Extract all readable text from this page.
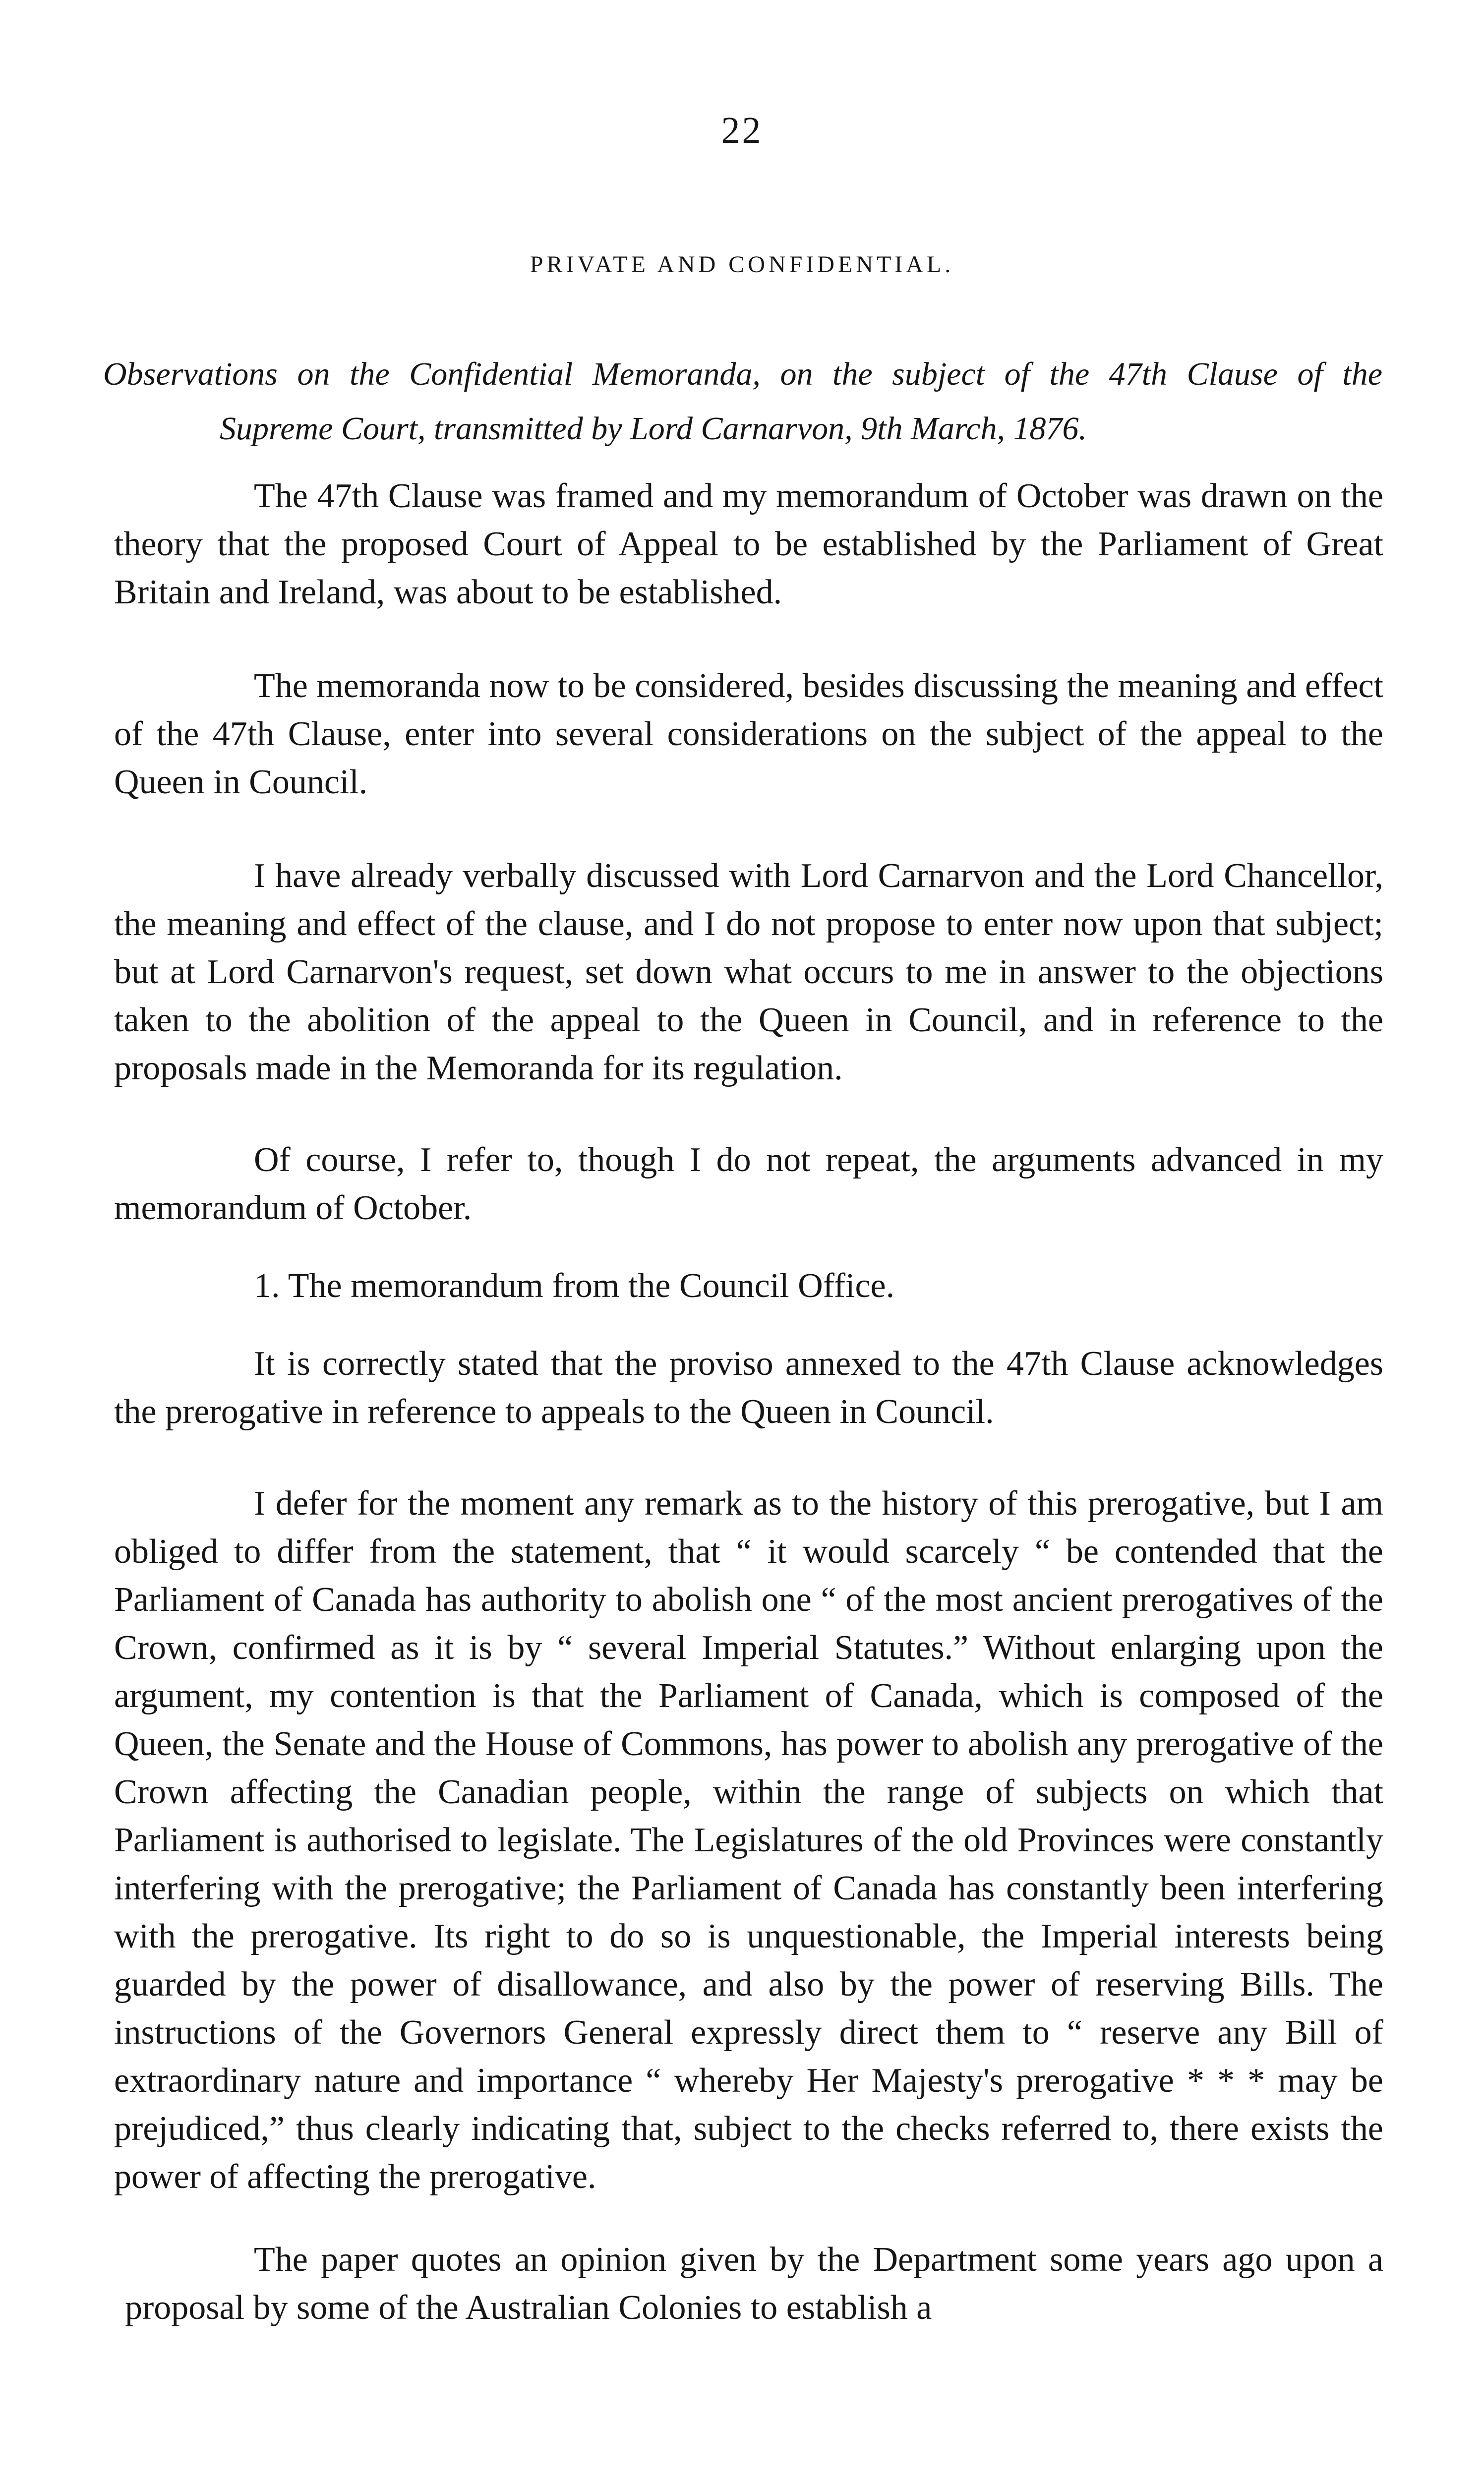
22
PRIVATE AND CONFIDENTIAL.
Observations on the Confidential Memoranda, on the subject of the 47th Clause of the
Supreme Court, transmitted by Lord Carnarvon, 9th March, 1876.

The 47th Clause was framed and my memorandum of October was drawn on the theory that the proposed Court of Appeal to be established by the Parliament of Great Britain and Ireland, was about to be established.

The memoranda now to be considered, besides discussing the meaning and effect of the 47th Clause, enter into several considerations on the subject of the appeal to the Queen in Council.

I have already verbally discussed with Lord Carnarvon and the Lord Chancellor, the meaning and effect of the clause, and I do not propose to enter now upon that subject; but at Lord Carnarvon's request, set down what occurs to me in answer to the objections taken to the abolition of the appeal to the Queen in Council, and in reference to the proposals made in the Memoranda for its regulation.

Of course, I refer to, though I do not repeat, the arguments advanced in my memorandum of October.

1. The memorandum from the Council Office.

It is correctly stated that the proviso annexed to the 47th Clause acknowledges the prerogative in reference to appeals to the Queen in Council.

I defer for the moment any remark as to the history of this prerogative, but I am obliged to differ from the statement, that “ it would scarcely “ be contended that the Parliament of Canada has authority to abolish one “ of the most ancient prerogatives of the Crown, confirmed as it is by “ several Imperial Statutes.” Without enlarging upon the argument, my contention is that the Parliament of Canada, which is composed of the Queen, the Senate and the House of Commons, has power to abolish any prerogative of the Crown affecting the Canadian people, within the range of subjects on which that Parliament is authorised to legislate. The Legislatures of the old Provinces were constantly interfering with the prerogative; the Parliament of Canada has constantly been interfering with the prerogative. Its right to do so is unquestionable, the Imperial interests being guarded by the power of disallowance, and also by the power of reserving Bills. The instructions of the Governors General expressly direct them to “ reserve any Bill of extraordinary nature and importance “ whereby Her Majesty's prerogative * * * may be prejudiced,” thus clearly indicating that, subject to the checks referred to, there exists the power of affecting the prerogative.

The paper quotes an opinion given by the Department some years ago upon a proposal by some of the Australian Colonies to establish a
